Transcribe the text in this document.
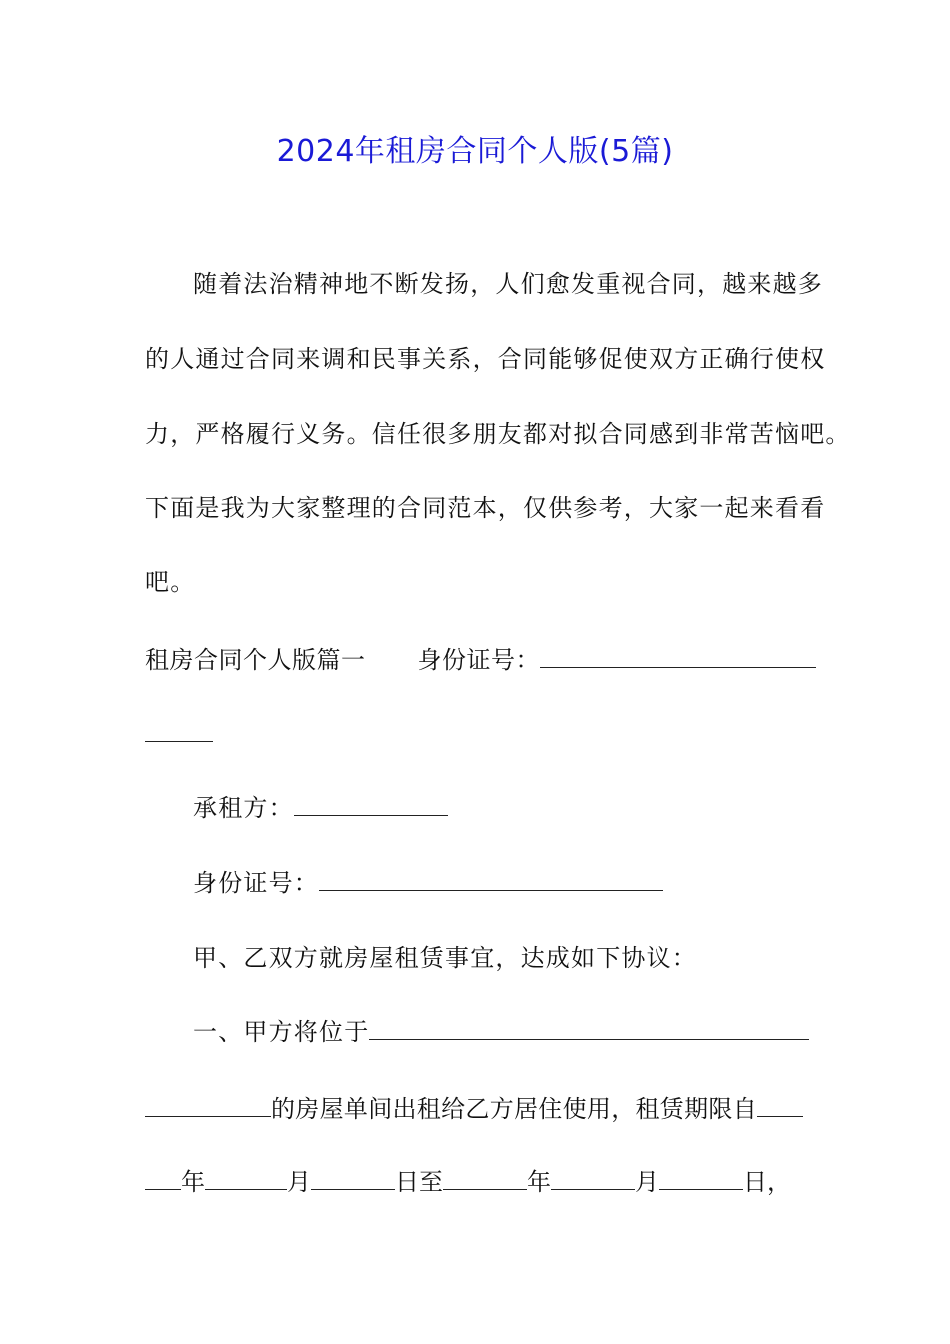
2024年租房合同个人版(5篇)
随着法治精神地不断发扬，人们愈发重视合同，越来越多
的人通过合同来调和民事关系，合同能够促使双方正确行使权
力，严格履行义务。信任很多朋友都对拟合同感到非常苦恼吧。
下面是我为大家整理的合同范本，仅供参考，大家一起来看看
吧。
租房合同个人版篇一 身份证号：
承租方：
身份证号：
甲、乙双方就房屋租赁事宜，达成如下协议：
一、甲方将位于
的房屋单间出租给乙方居住使用，租赁期限自
年	月	日至	年	月	日，
